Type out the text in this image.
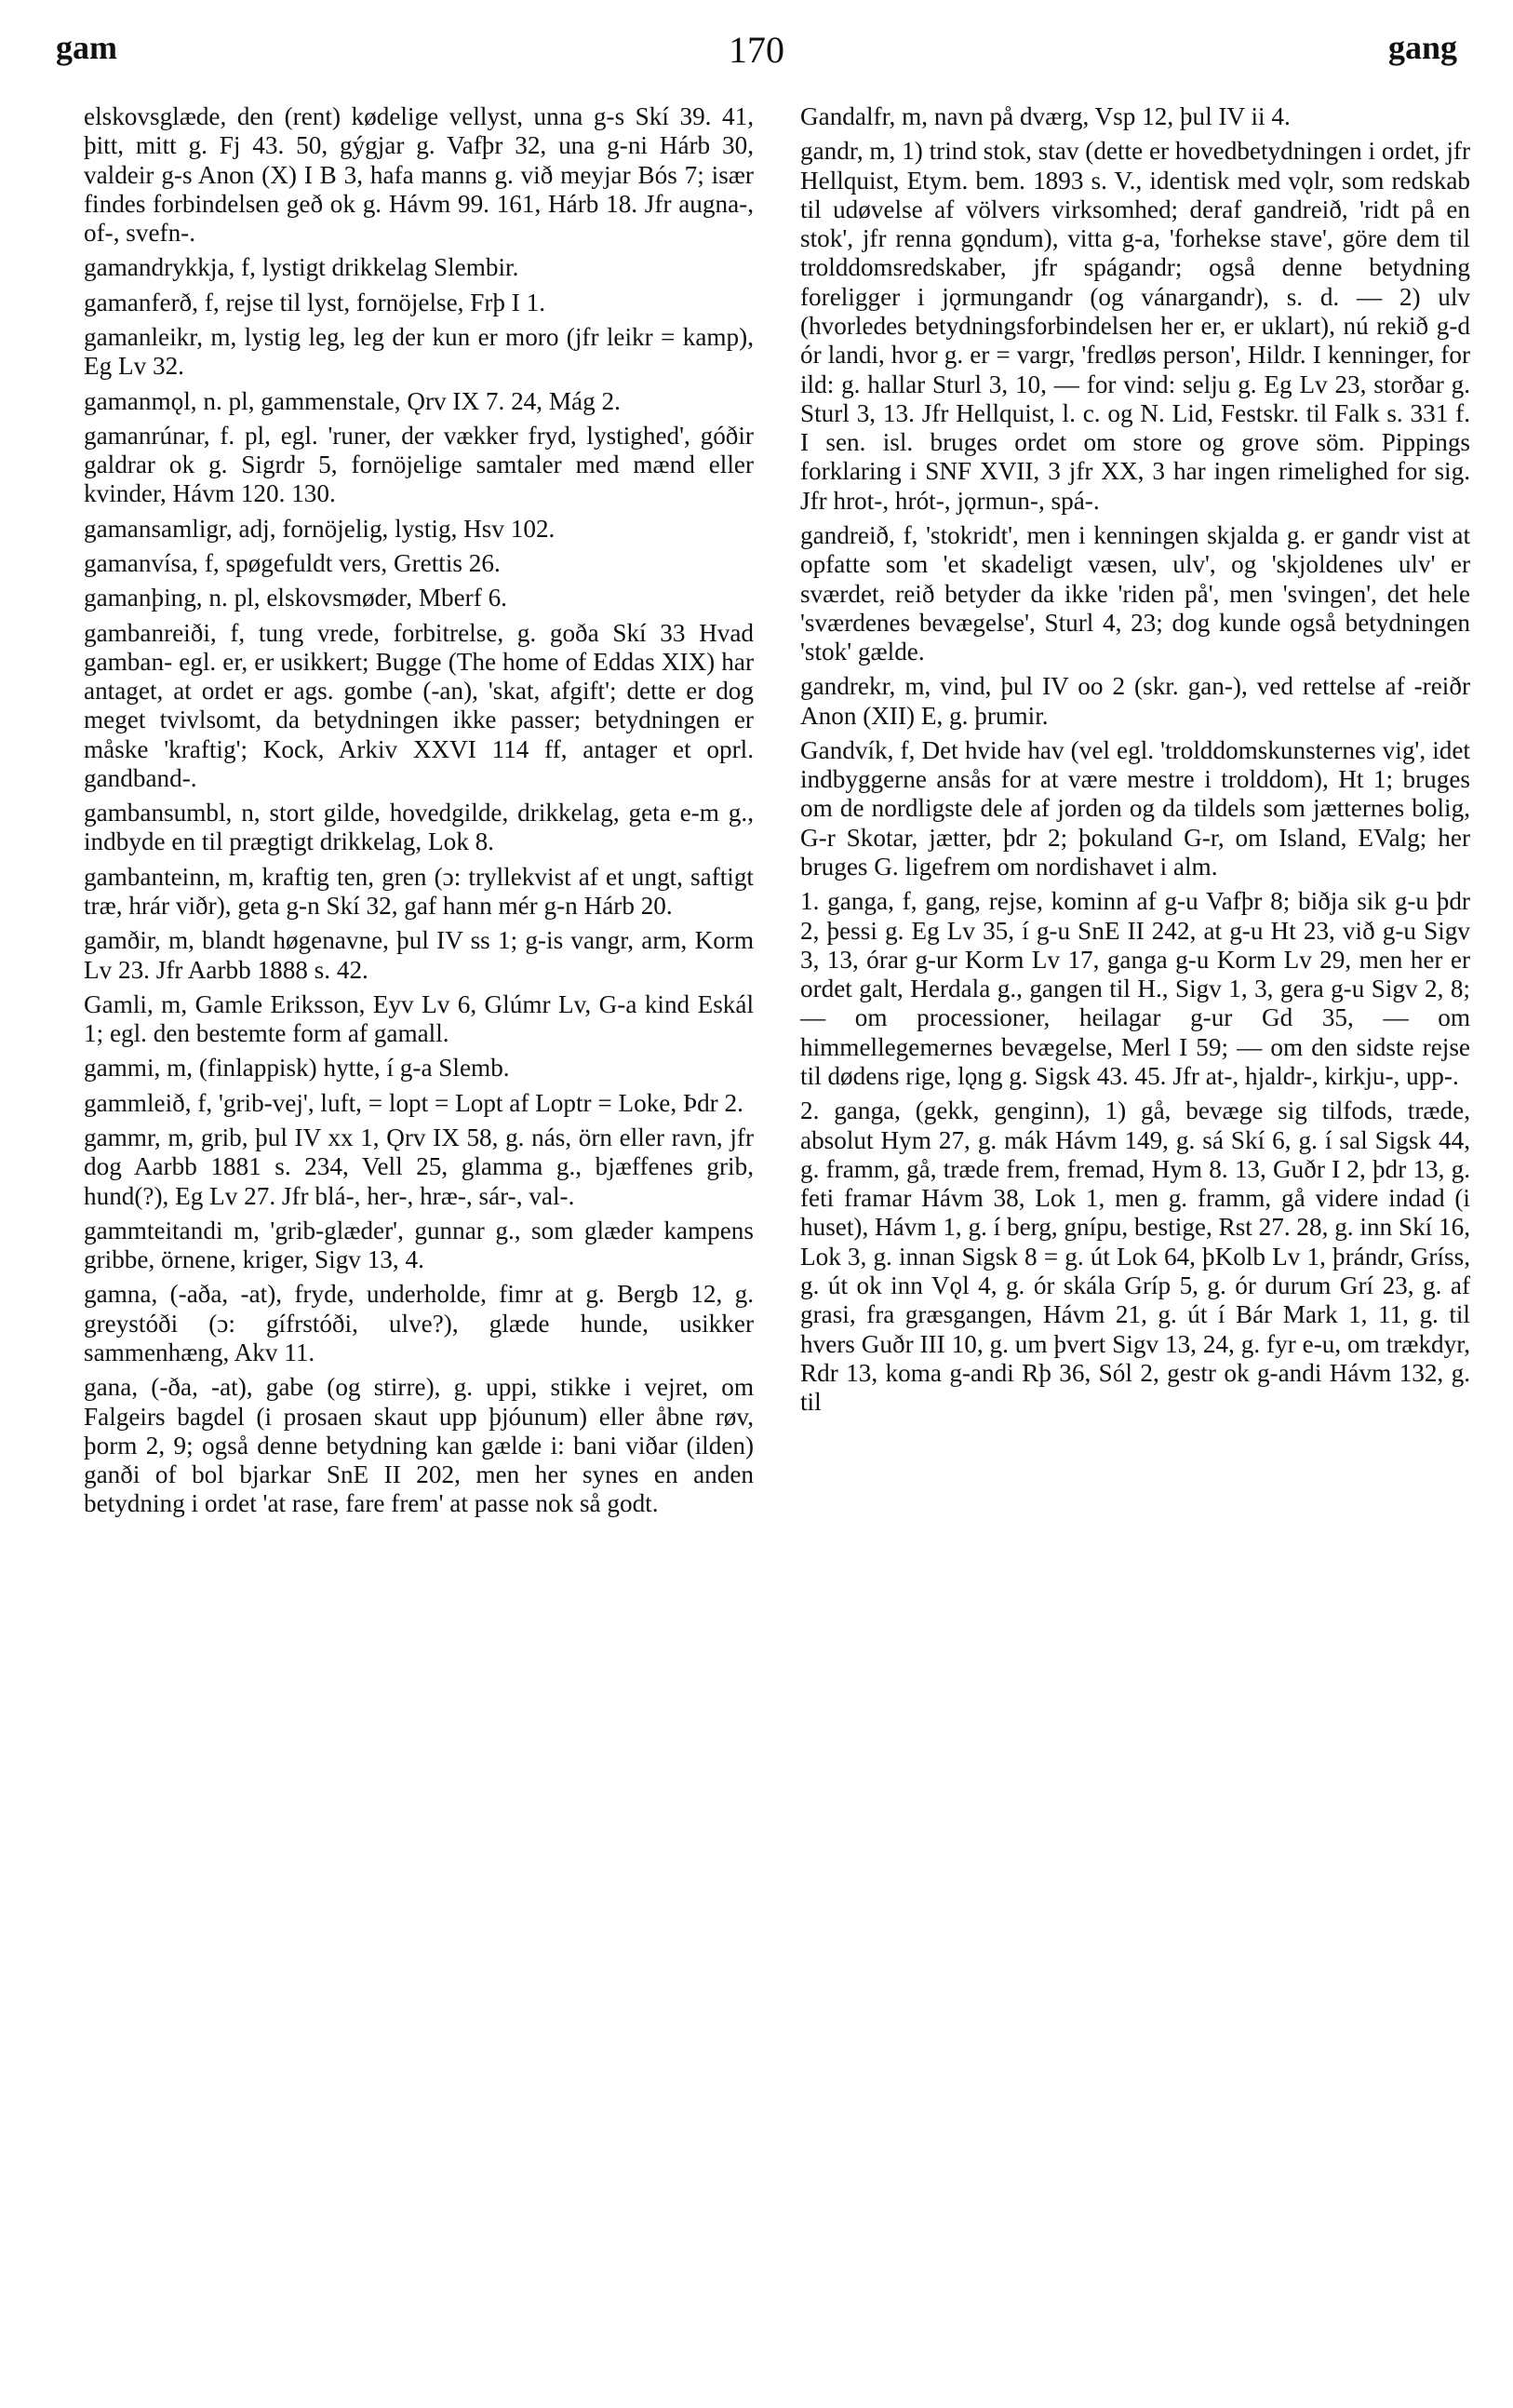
gam	170	gang

elskovsglæde, den (rent) kødelige vellyst, unna g-s Skí 39. 41, þitt, mitt g. Fj 43. 50, gýgjar g. Vafþr 32, una g-ni Hárb 30, valdeir g-s Anon (X) I B 3, hafa manns g. við meyjar Bós 7; især findes forbindelsen geð ok g. Hávm 99. 161, Hárb 18. Jfr augna-, of-, svefn-.

gamandrykkja, f, lystigt drikkelag Slembir.

gamanferð, f, rejse til lyst, fornöjelse, Frþ I 1.

gamanleikr, m, lystig leg, leg der kun er moro (jfr leikr = kamp), Eg Lv 32.

gamanmǫl, n. pl, gammenstale, Ǫrv IX 7. 24, Mág 2.

gamanrúnar, f. pl, egl. 'runer, der vækker fryd, lystighed', góðir galdrar ok g. Sigrdr 5, fornöjelige samtaler med mænd eller kvinder, Hávm 120. 130.

gamansamligr, adj, fornöjelig, lystig, Hsv 102.

gamanvísa, f, spøgefuldt vers, Grettis 26.

gamanþing, n. pl, elskovsmøder, Mberf 6.

gambanreiði, f, tung vrede, forbitrelse, g. goða Skí 33 Hvad gamban- egl. er, er usikkert; Bugge (The home of Eddas XIX) har antaget, at ordet er ags. gombe (-an), 'skat, afgift'; dette er dog meget tvivlsomt, da betydningen ikke passer; betydningen er måske 'kraftig'; Kock, Arkiv XXVI 114 ff, antager et oprl. gandband-.

gambansumbl, n, stort gilde, hovedgilde, drikkelag, geta e-m g., indbyde en til prægtigt drikkelag, Lok 8.

gambanteinn, m, kraftig ten, gren (ɔ: tryllekvist af et ungt, saftigt træ, hrár viðr), geta g-n Skí 32, gaf hann mér g-n Hárb 20.

gamðir, m, blandt høgenavne, þul IV ss 1; g-is vangr, arm, Korm Lv 23. Jfr Aarbb 1888 s. 42.

Gamli, m, Gamle Eriksson, Eyv Lv 6, Glúmr Lv, G-a kind Eskál 1; egl. den bestemte form af gamall.

gammi, m, (finlappisk) hytte, í g-a Slemb.

gammleið, f, 'grib-vej', luft, = lopt = Lopt af Loptr = Loke, Þdr 2.

gammr, m, grib, þul IV xx 1, Ǫrv IX 58, g. nás, örn eller ravn, jfr dog Aarbb 1881 s. 234, Vell 25, glamma g., bjæffenes grib, hund(?), Eg Lv 27. Jfr blá-, her-, hræ-, sár-, val-.

gammteitandi m, 'grib-glæder', gunnar g., som glæder kampens gribbe, örnene, kriger, Sigv 13, 4.

gamna, (-aða, -at), fryde, underholde, fimr at g. Bergb 12, g. greystóði (ɔ: gífrstóði, ulve?), glæde hunde, usikker sammenhæng, Akv 11.

gana, (-ða, -at), gabe (og stirre), g. uppi, stikke i vejret, om Falgeirs bagdel (i prosaen skaut upp þjóunum) eller åbne røv, þorm 2, 9; også denne betydning kan gælde i: bani viðar (ilden) ganði of bol bjarkar SnE II 202, men her synes en anden betydning i ordet 'at rase, fare frem' at passe nok så godt.

Gandalfr, m, navn på dværg, Vsp 12, þul IV ii 4.

gandr, m, 1) trind stok, stav (dette er hovedbetydningen i ordet, jfr Hellquist, Etym. bem. 1893 s. V., identisk med vǫlr, som redskab til udøvelse af völvers virksomhed; deraf gandreið, 'ridt på en stok', jfr renna gǫndum), vitta g-a, 'forhekse stave', göre dem til trolddomsredskaber, jfr spágandr; også denne betydning foreligger i jǫrmungandr (og vánargandr), s. d. — 2) ulv (hvorledes betydningsforbindelsen her er, er uklart), nú rekið g-d ór landi, hvor g. er = vargr, 'fredløs person', Hildr. I kenninger, for ild: g. hallar Sturl 3, 10, — for vind: selju g. Eg Lv 23, storðar g. Sturl 3, 13. Jfr Hellquist, l. c. og N. Lid, Festskr. til Falk s. 331 f. I sen. isl. bruges ordet om store og grove söm. Pippings forklaring i SNF XVII, 3 jfr XX, 3 har ingen rimelighed for sig. Jfr hrot-, hrót-, jǫrmun-, spá-.

gandreið, f, 'stokridt', men i kenningen skjalda g. er gandr vist at opfatte som 'et skadeligt væsen, ulv', og 'skjoldenes ulv' er sværdet, reið betyder da ikke 'riden på', men 'svingen', det hele 'sværdenes bevægelse', Sturl 4, 23; dog kunde også betydningen 'stok' gælde.

gandrekr, m, vind, þul IV oo 2 (skr. gan-), ved rettelse af -reiðr Anon (XII) E, g. þrumir.

Gandvík, f, Det hvide hav (vel egl. 'trolddomskunsternes vig', idet indbyggerne ansås for at være mestre i trolddom), Ht 1; bruges om de nordligste dele af jorden og da tildels som jætternes bolig, G-r Skotar, jætter, þdr 2; þokuland G-r, om Island, EValg; her bruges G. ligefrem om nordishavet i alm.

1. ganga, f, gang, rejse, kominn af g-u Vafþr 8; biðja sik g-u þdr 2, þessi g. Eg Lv 35, í g-u SnE II 242, at g-u Ht 23, við g-u Sigv 3, 13, órar g-ur Korm Lv 17, ganga g-u Korm Lv 29, men her er ordet galt, Herdala g., gangen til H., Sigv 1, 3, gera g-u Sigv 2, 8; — om processioner, heilagar g-ur Gd 35, — om himmellegemernes bevægelse, Merl I 59; — om den sidste rejse til dødens rige, lǫng g. Sigsk 43. 45. Jfr at-, hjaldr-, kirkju-, upp-.

2. ganga, (gekk, genginn), 1) gå, bevæge sig tilfods, træde, absolut Hym 27, g. mák Hávm 149, g. sá Skí 6, g. í sal Sigsk 44, g. framm, gå, træde frem, fremad, Hym 8. 13, Guðr I 2, þdr 13, g. feti framar Hávm 38, Lok 1, men g. framm, gå videre indad (i huset), Hávm 1, g. í berg, gnípu, bestige, Rst 27. 28, g. inn Skí 16, Lok 3, g. innan Sigsk 8 = g. út Lok 64, þKolb Lv 1, þrándr, Gríss, g. út ok inn Vǫl 4, g. ór skála Gríp 5, g. ór durum Grí 23, g. af grasi, fra græsgangen, Hávm 21, g. út í Bár Mark 1, 11, g. til hvers Guðr III 10, g. um þvert Sigv 13, 24, g. fyr e-u, om trækdyr, Rdr 13, koma g-andi Rþ 36, Sól 2, gestr ok g-andi Hávm 132, g. til
